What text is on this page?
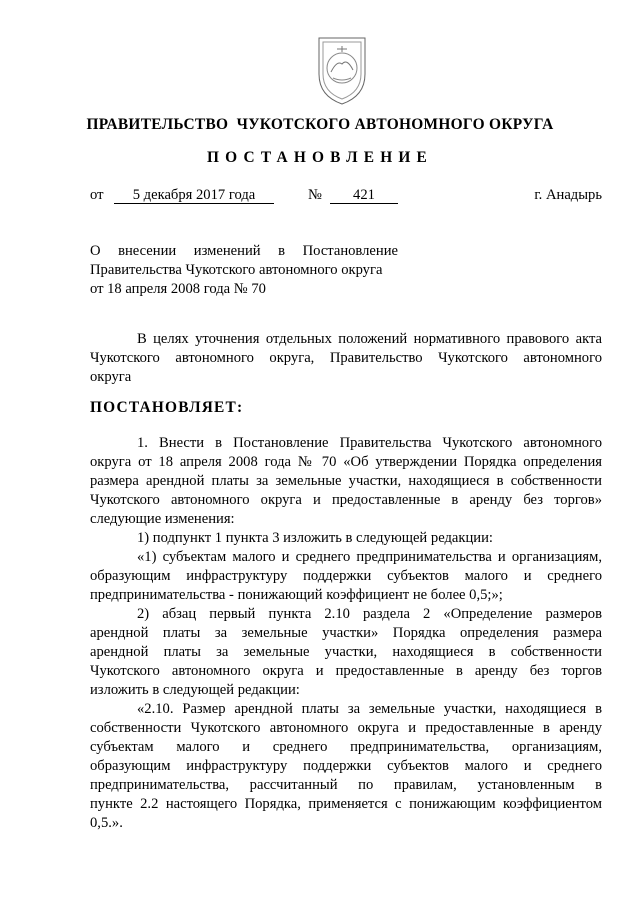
ПРАВИТЕЛЬСТВО  ЧУКОТСКОГО АВТОНОМНОГО ОКРУГА
ПОСТАНОВЛЕНИЕ
от	5 декабря 2017 года	№	421	г. Анадырь
О внесении изменений в Постановление
Правительства Чукотского автономного округа
от 18 апреля 2008 года № 70
В целях уточнения отдельных положений нормативного правового акта
Чукотского автономного округа, Правительство Чукотского автономного
округа
ПОСТАНОВЛЯЕТ:
1. Внести в Постановление Правительства Чукотского автономного
округа от 18 апреля 2008 года № 70 «Об утверждении Порядка определения
размера арендной платы за земельные участки, находящиеся в собственности
Чукотского автономного округа и предоставленные в аренду без торгов»
следующие изменения:
1) подпункт 1 пункта 3 изложить в следующей редакции:
«1) субъектам малого и среднего предпринимательства и организациям,
образующим инфраструктуру поддержки субъектов малого и среднего
предпринимательства - понижающий коэффициент не более 0,5;»;
2) абзац первый пункта 2.10 раздела 2 «Определение размеров
арендной платы за земельные участки» Порядка определения размера
арендной платы за земельные участки, находящиеся в собственности
Чукотского автономного округа и предоставленные в аренду без торгов
изложить в следующей редакции:
«2.10. Размер арендной платы за земельные участки, находящиеся в
собственности Чукотского автономного округа и предоставленные в аренду
субъектам малого и среднего предпринимательства, организациям,
образующим инфраструктуру поддержки субъектов малого и среднего
предпринимательства, рассчитанный по правилам, установленным в
пункте 2.2 настоящего Порядка, применяется с понижающим коэффициентом
0,5.».
